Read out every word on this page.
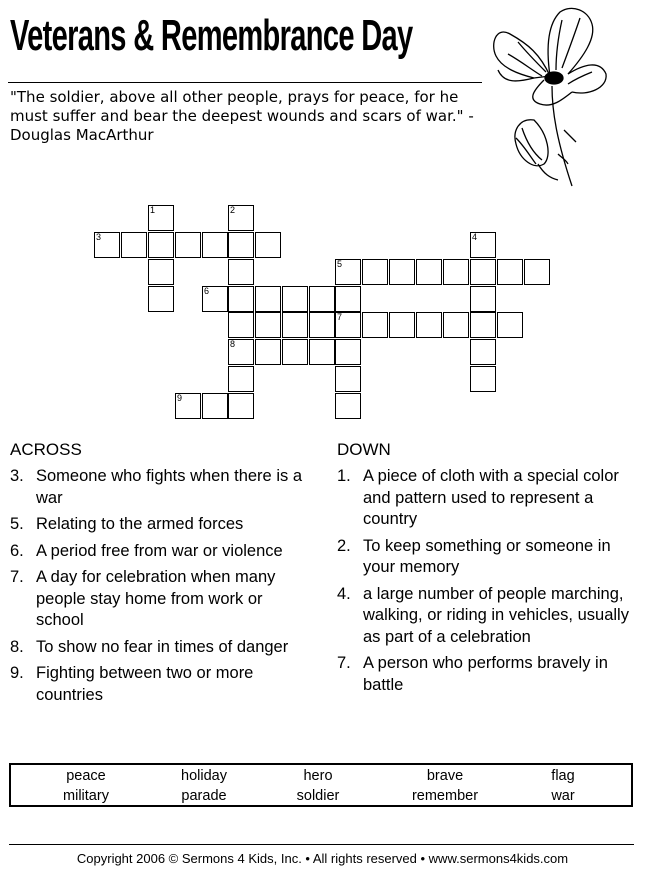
Veterans & Remembrance Day
"The soldier, above all other people, prays for peace, for he must suffer and bear the deepest wounds and scars of war." - Douglas MacArthur
1	2
3	4
5
6
7
8
9
ACROSS
3. Someone who fights when there is a war
5. Relating to the armed forces
6. A period free from war or violence
7. A day for celebration when many people stay home from work or school
8. To show no fear in times of danger
9. Fighting between two or more countries
DOWN
1. A piece of cloth with a special color and pattern used to represent a country
2. To keep something or someone in your memory
4. a large number of people marching, walking, or riding in vehicles, usually as part of a celebration
7. A person who performs bravely in battle
peace	holiday	hero	brave	flag
military	parade	soldier	remember	war
Copyright 2006 © Sermons 4 Kids, Inc. • All rights reserved • www.sermons4kids.com
